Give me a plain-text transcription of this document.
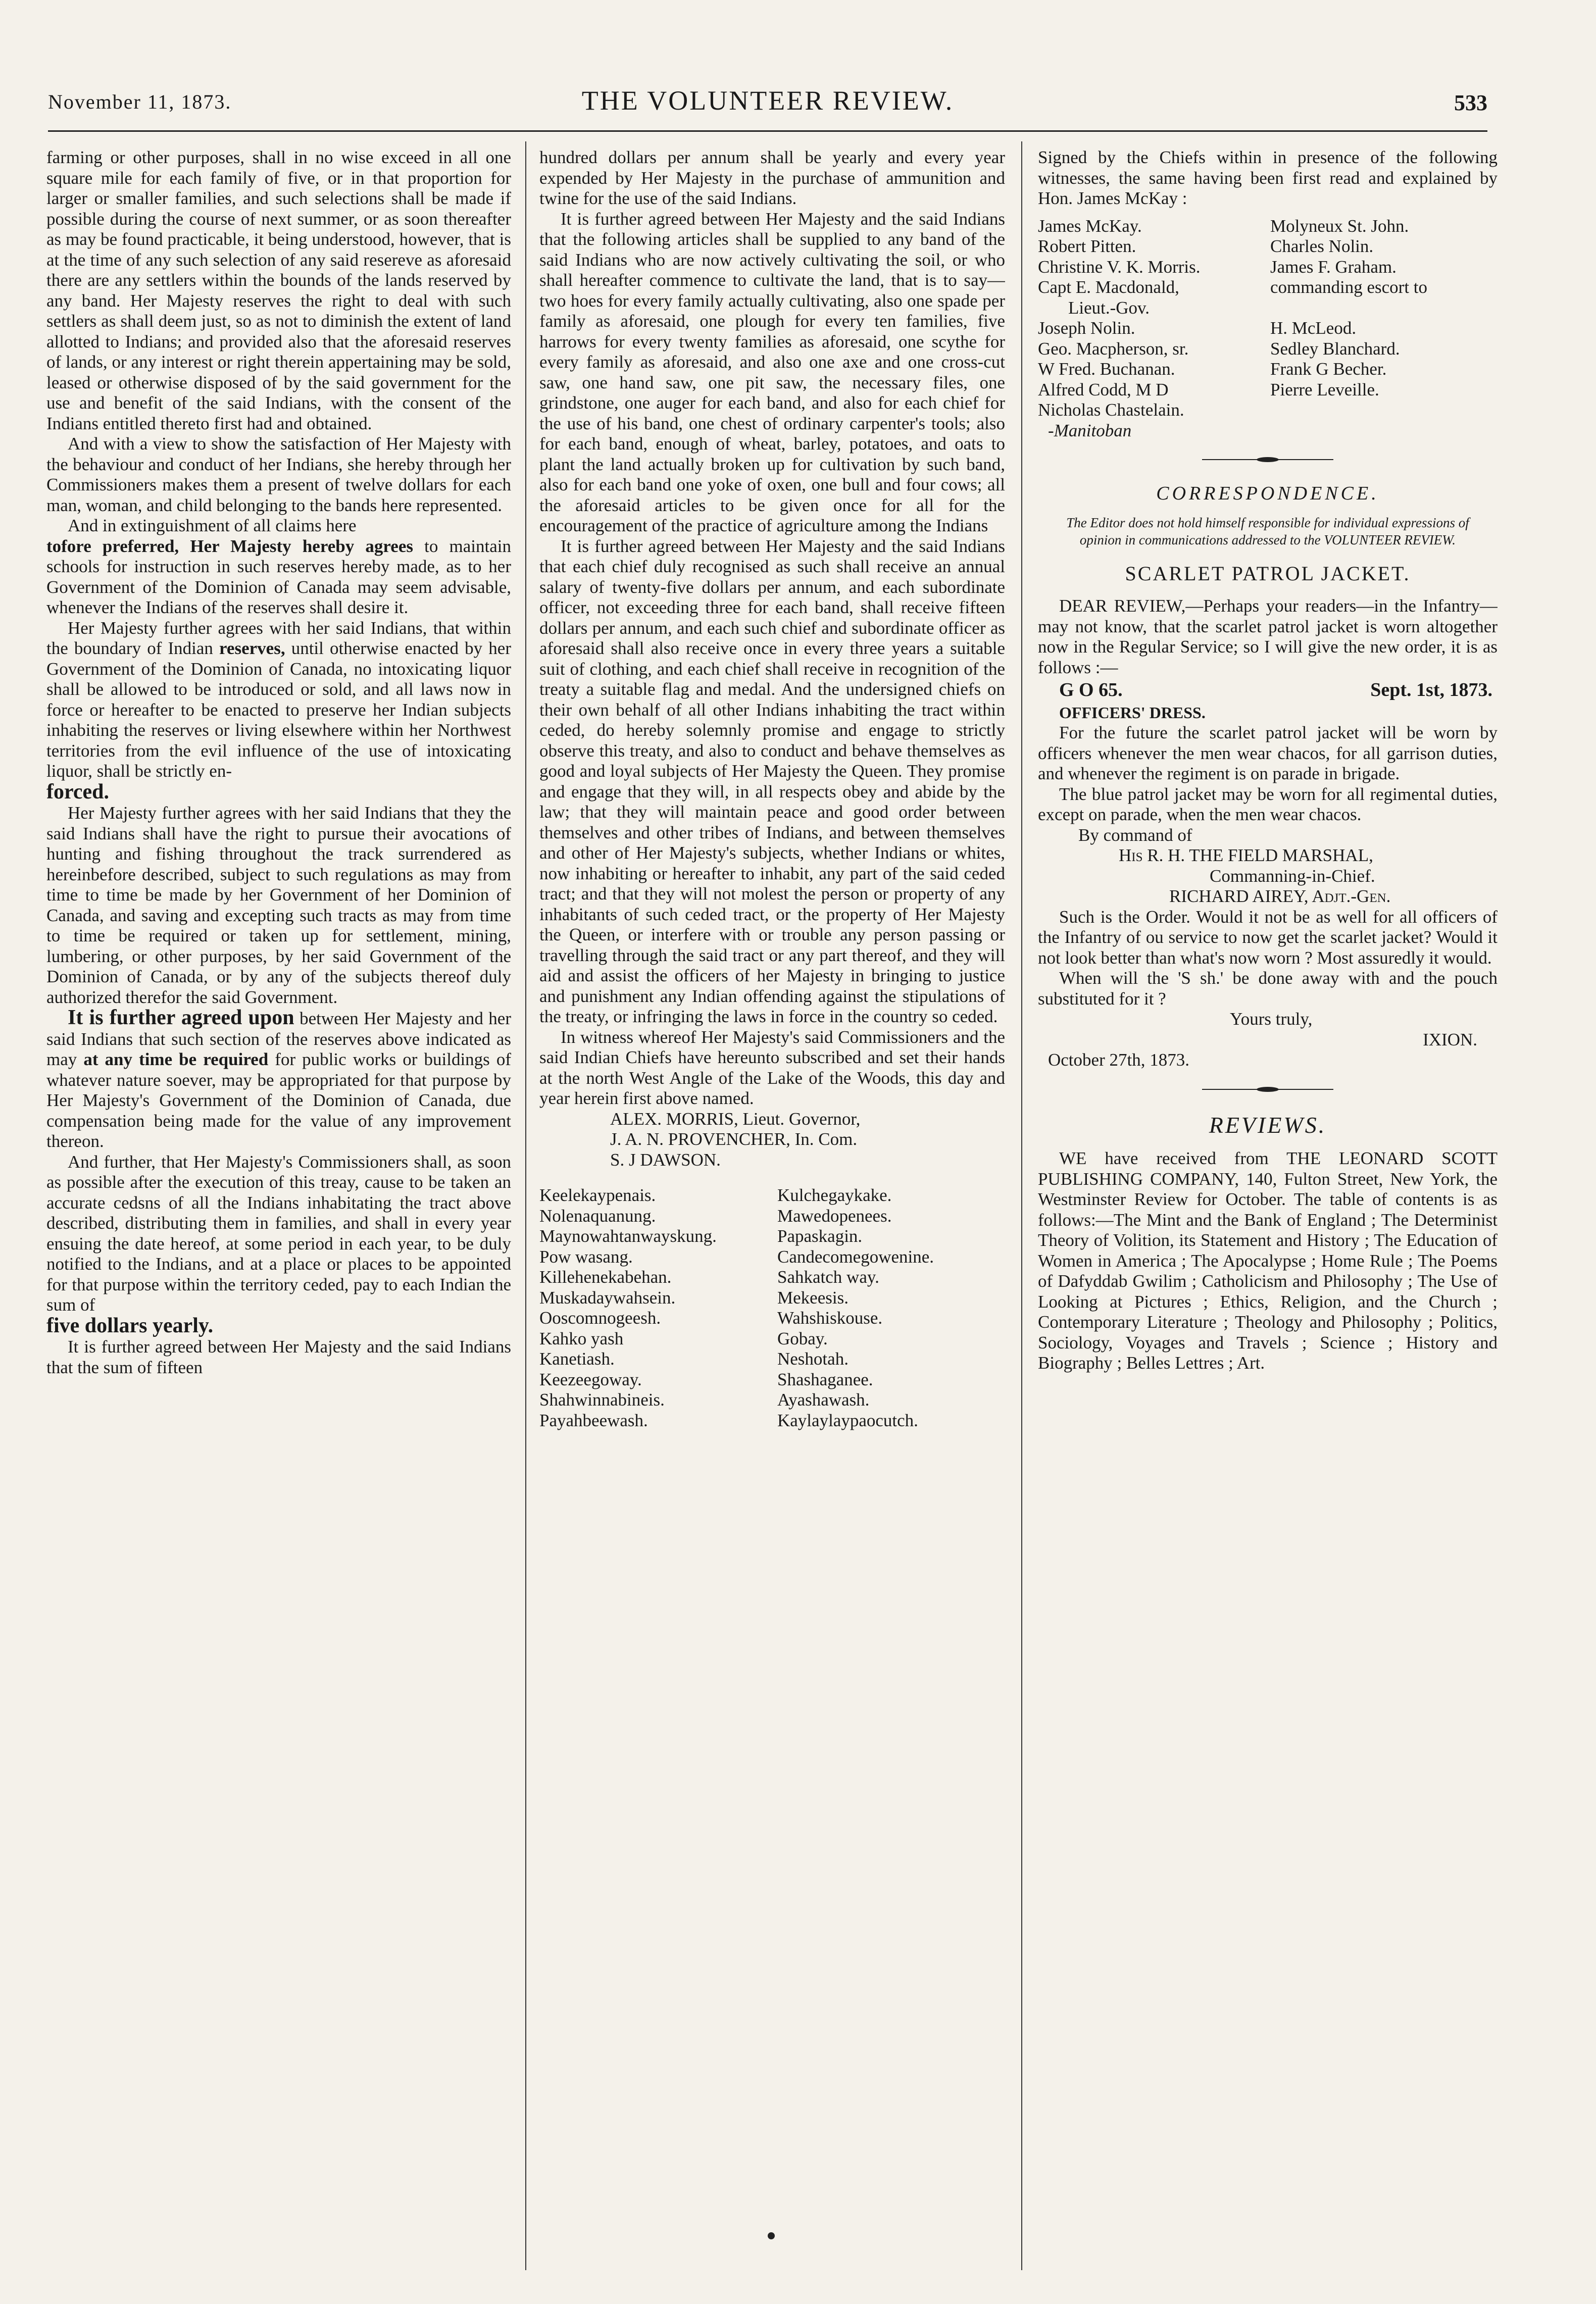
November 11, 1873.	THE VOLUNTEER REVIEW.	533

farming or other purposes, shall in no wise exceed in all one square mile for each family of five, or in that proportion for larger or smaller families, and such selections shall be made if possible during the course of next summer, or as soon thereafter as may be found practicable, it being understood, however, that is at the time of any such selection of any said resereve as aforesaid there are any settlers within the bounds of the lands reserved by any band. Her Majesty reserves the right to deal with such settlers as shall deem just, so as not to diminish the extent of land allotted to Indians; and provided also that the aforesaid reserves of lands, or any interest or right therein appertaining may be sold, leased or otherwise disposed of by the said government for the use and benefit of the said Indians, with the consent of the Indians entitled thereto first had and obtained.

And with a view to show the satisfaction of Her Majesty with the behaviour and conduct of her Indians, she hereby through her Commissioners makes them a present of twelve dollars for each man, woman, and child belonging to the bands here represented.

And in extinguishment of all claims here
tofore preferred, Her Majesty hereby agrees to maintain schools for instruction in such reserves hereby made, as to her Government of the Dominion of Canada may seem advisable, whenever the Indians of the reserves shall desire it.

Her Majesty further agrees with her said Indians, that within the boundary of Indian reserves, until otherwise enacted by her Government of the Dominion of Canada, no intoxicating liquor shall be allowed to be introduced or sold, and all laws now in force or hereafter to be enacted to preserve her Indian subjects inhabiting the reserves or living elsewhere within her Northwest territories from the evil influence of the use of intoxicating liquor, shall be strictly en-
forced.

Her Majesty further agrees with her said Indians that they the said Indians shall have the right to pursue their avocations of hunting and fishing throughout the track surrendered as hereinbefore described, subject to such regulations as may from time to time be made by her Government of her Dominion of Canada, and saving and excepting such tracts as may from time to time be required or taken up for settlement, mining, lumbering, or other purposes, by her said Government of the Dominion of Canada, or by any of the subjects thereof duly authorized therefor the said Government.

It is further agreed upon between Her Majesty and her said Indians that such section of the reserves above indicated as may at any time be required for public works or buildings of whatever nature soever, may be appropriated for that purpose by Her Majesty's Government of the Dominion of Canada, due compensation being made for the value of any improvement thereon.

And further, that Her Majesty's Commissioners shall, as soon as possible after the execution of this treay, cause to be taken an accurate cedsns of all the Indians inhabitating the tract above described, distributing them in families, and shall in every year ensuing the date hereof, at some period in each year, to be duly notified to the Indians, and at a place or places to be appointed for that purpose within the territory ceded, pay to each Indian the sum of
five dollars yearly.

It is further agreed between Her Majesty and the said Indians that the sum of fifteen

hundred dollars per annum shall be yearly and every year expended by Her Majesty in the purchase of ammunition and twine for the use of the said Indians.

It is further agreed between Her Majesty and the said Indians that the following articles shall be supplied to any band of the said Indians who are now actively cultivating the soil, or who shall hereafter commence to cultivate the land, that is to say—two hoes for every family actually cultivating, also one spade per family as aforesaid, one plough for every ten families, five harrows for every twenty families as aforesaid, one scythe for every family as aforesaid, and also one axe and one cross-cut saw, one hand saw, one pit saw, the necessary files, one grindstone, one auger for each band, and also for each chief for the use of his band, one chest of ordinary carpenter's tools; also for each band, enough of wheat, barley, potatoes, and oats to plant the land actually broken up for cultivation by such band, also for each band one yoke of oxen, one bull and four cows; all the aforesaid articles to be given once for all for the encouragement of the practice of agriculture among the Indians

It is further agreed between Her Majesty and the said Indians that each chief duly recognised as such shall receive an annual salary of twenty-five dollars per annum, and each subordinate officer, not exceeding three for each band, shall receive fifteen dollars per annum, and each such chief and subordinate officer as aforesaid shall also receive once in every three years a suitable suit of clothing, and each chief shall receive in recognition of the treaty a suitable flag and medal. And the undersigned chiefs on their own behalf of all other Indians inhabiting the tract within ceded, do hereby solemnly promise and engage to strictly observe this treaty, and also to conduct and behave themselves as good and loyal subjects of Her Majesty the Queen. They promise and engage that they will, in all respects obey and abide by the law; that they will maintain peace and good order between themselves and other tribes of Indians, and between themselves and other of Her Majesty's subjects, whether Indians or whites, now inhabiting or hereafter to inhabit, any part of the said ceded tract; and that they will not molest the person or property of any inhabitants of such ceded tract, or the property of Her Majesty the Queen, or interfere with or trouble any person passing or travelling through the said tract or any part thereof, and they will aid and assist the officers of her Majesty in bringing to justice and punishment any Indian offending against the stipulations of the treaty, or infringing the laws in force in the country so ceded.

In witness whereof Her Majesty's said Commissioners and the said Indian Chiefs have hereunto subscribed and set their hands at the north West Angle of the Lake of the Woods, this day and year herein first above named.

ALEX. MORRIS, Lieut. Governor,

J. A. N. PROVENCHER, In. Com.

S. J DAWSON.

Keelekaypenais.	Kulchegaykake.
Nolenaquanung.	Mawedopenees.
Maynowahtanwayskung.	Papaskagin.
Pow wasang.	Candecomegowenine.
Killehenekabehan.	Sahkatch way.
Muskadaywahsein.	Mekeesis.
Ooscomnogeesh.	Wahshiskouse.
Kahko yash	Gobay.
Kanetiash.	Neshotah.
Keezeegoway.	Shashaganee.
Shahwinnabineis.	Ayashawash.
Payahbeewash.	Kaylaylaypaocutch.

Signed by the Chiefs within in presence of the following witnesses, the same having been first read and explained by Hon. James McKay :

James McKay.	Molyneux St. John.
Robert Pitten.	Charles Nolin.
Christine V. K. Morris.	James F. Graham.
Capt E. Macdonald,	commanding escort to
Lieut.-Gov.
Joseph Nolin.	H. McLeod.
Geo. Macpherson, sr.	Sedley Blanchard.
W Fred. Buchanan.	Frank G Becher.
Alfred Codd, M D	Pierre Leveille.
Nicholas Chastelain.

-Manitoban

CORRESPONDENCE.
The Editor does not hold himself responsible for individual expressions of opinion in communications addressed to the VOLUNTEER REVIEW.
SCARLET PATROL JACKET.

DEAR REVIEW,—Perhaps your readers—in the Infantry—may not know, that the scarlet patrol jacket is worn altogether now in the Regular Service; so I will give the new order, it is as follows :—

G O 65.	Sept. 1st, 1873.

OFFICERS' DRESS.

For the future the scarlet patrol jacket will be worn by officers whenever the men wear chacos, for all garrison duties, and whenever the regiment is on parade in brigade.

The blue patrol jacket may be worn for all regimental duties, except on parade, when the men wear chacos.

By command of

His R. H. THE FIELD MARSHAL,

Commanning-in-Chief.

RICHARD AIREY, Adjt.-Gen.

Such is the Order. Would it not be as well for all officers of the Infantry of ou service to now get the scarlet jacket? Would it not look better than what's now worn ? Most assuredly it would.

When will the 'S sh.' be done away with and the pouch substituted for it ?

Yours truly,

IXION.

October 27th, 1873.

REVIEWS.

WE have received from THE LEONARD SCOTT PUBLISHING COMPANY, 140, Fulton Street, New York, the Westminster Review for October. The table of contents is as follows:—The Mint and the Bank of England ; The Determinist Theory of Volition, its Statement and History ; The Education of Women in America ; The Apocalypse ; Home Rule ; The Poems of Dafyddab Gwilim ; Catholicism and Philosophy ; The Use of Looking at Pictures ; Ethics, Religion, and the Church ; Contemporary Literature ; Theology and Philosophy ; Politics, Sociology, Voyages and Travels ; Science ; History and Biography ; Belles Lettres ; Art.
